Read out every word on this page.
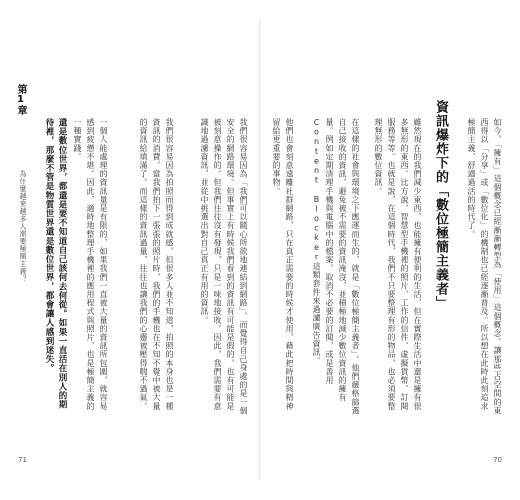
第1章
為什麼越來越多人需要極簡主義？	還是數位世界，都還是要不知道自己該何去何從。如果一直活在別人的期待裡，那麼不管是物質世界還是數位世界，都會讓人感到迷失。	一個人能處理的資訊量是有限的，如果我們一直被大量的資訊所包圍，就容易感到疲憊不堪。因此，適時地整理手機裡的應用程式與照片，也是極簡主義的一種實踐。	我們很容易因為拍照而得到成就感，但很多人並不知道，拍照的本身也是一種資訊的消費。當我們拍下一張張的照片時，我們的手機也在不知不覺中被大量的資訊給填滿了。而這樣的資訊過量，往往也讓我們的心靈被壓得喘不過氣。	我們很容易因為「我們可以隨心所欲地連結到網路」，而覺得自己身處的是一個安全的網路環境。但事實上有時候我們看到的資訊有可能是假的，也有可能是被刻意操作的。但我們往往沒有發現，只是一味地接收。因此，我們需要有意識地過濾資訊，並從中挑選出對自己真正有用的資訊。
71
他們也會刻意遠離社群網路，只在真正需要的時候才使用，藉此把時間與精神留給更重要的事物。	在這樣的社會與環境之下應運而生的，就是「數位極簡主義者」。他們嚴格篩選自己接收的資訊，避免被不需要的資訊淹沒，並積極地減少數位資訊的擁有量。例如定期清理手機與電腦中的檔案，取消不必要的訂閱，或是善用Content Blocker這類套件來過濾廣告資訊。	雖然現在的我們減少東西，也能擁有便利的生活，但在實際生活中還是擁有很多無形的東西。比方說，智慧型手機裡的照片、工作的信件、虛擬貨幣、訂閱服務等等。也就是說，在這個時代，我們不只要整理有形的物品，也必須要整理無形的數位資訊。	資訊爆炸下的「數位極簡主義者」	如今，「擁有」這個概念已經漸漸轉型為「使用」這個概念。讓那些占空間的東西得以「分享」或「數位化」的機制也已經逐漸普及。所以想在此時此刻追求極簡主義，舒適過活的時代了。
70
